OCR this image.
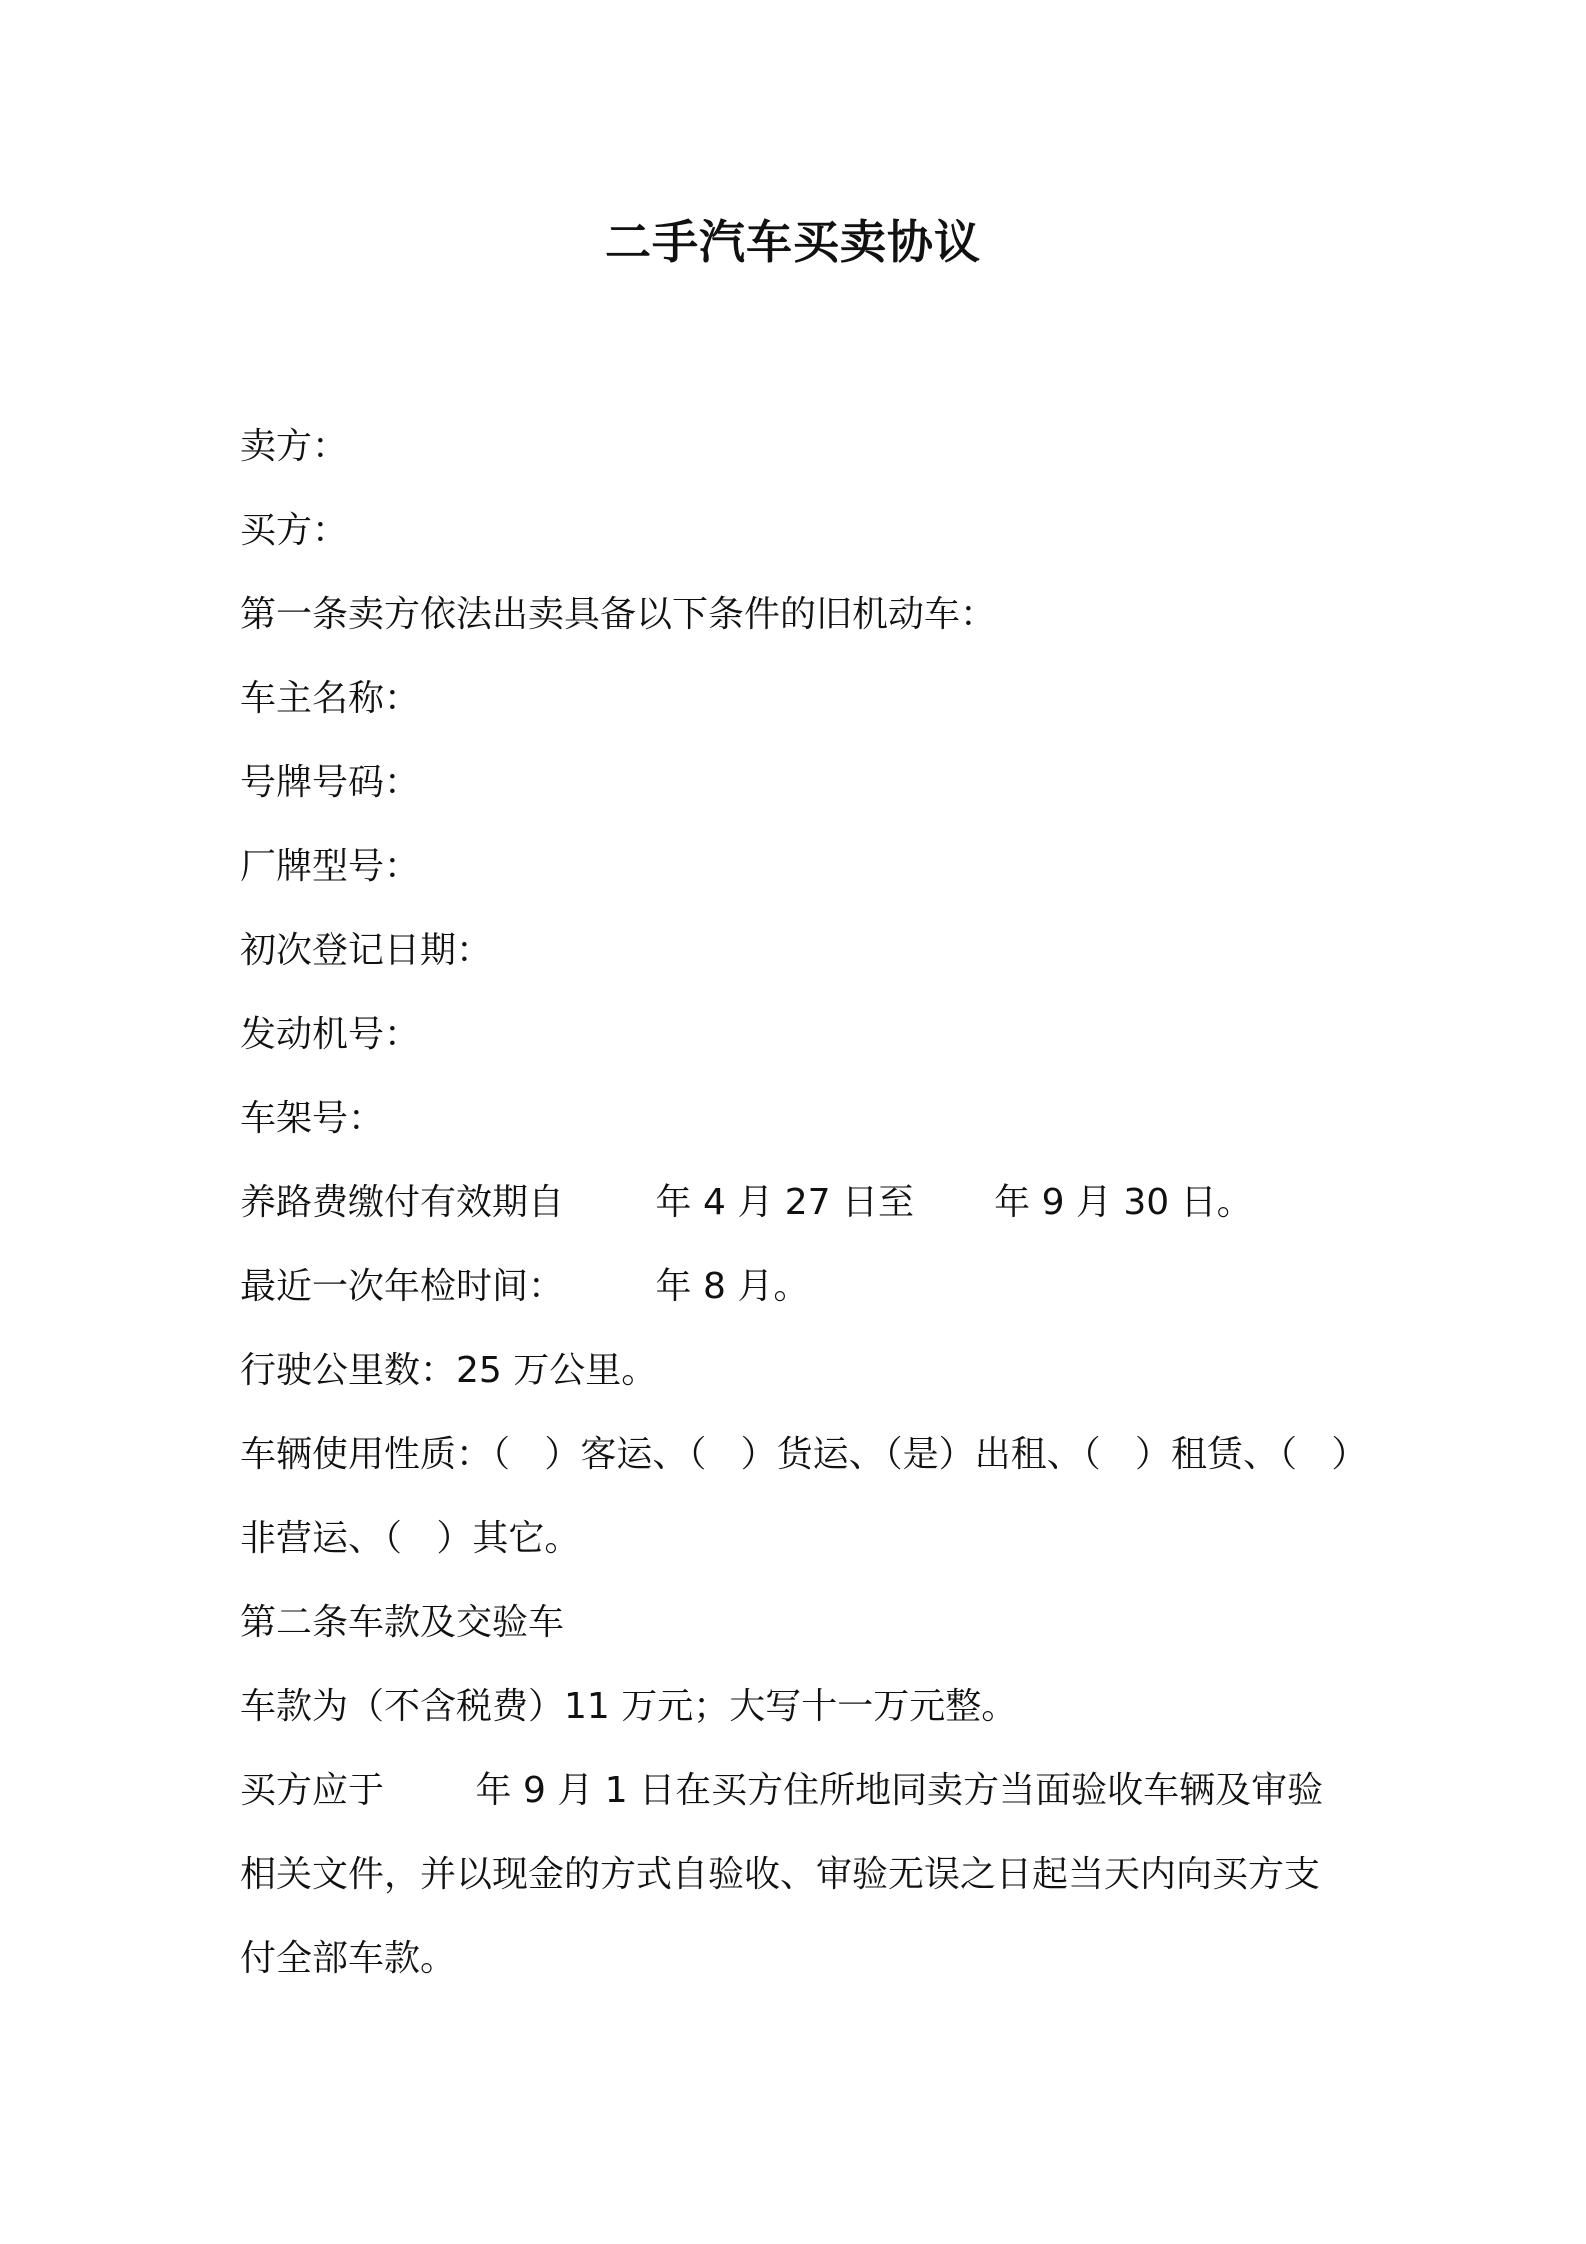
二手汽车买卖协议

卖方：

买方：

第一条卖方依法出卖具备以下条件的旧机动车：

车主名称：

号牌号码：

厂牌型号：

初次登记日期：

发动机号：

车架号：

养路费缴付有效期自        年 4 月 27 日至       年 9 月 30 日。

最近一次年检时间：        年 8 月。

行驶公里数：25 万公里。

车辆使用性质：（   ）客运、（   ）货运、（是）出租、（   ）租赁、（   ）

非营运、（   ）其它。

第二条车款及交验车

车款为（不含税费）11 万元；大写十一万元整。

买方应于        年 9 月 1 日在买方住所地同卖方当面验收车辆及审验

相关文件，并以现金的方式自验收、审验无误之日起当天内向买方支

付全部车款。
